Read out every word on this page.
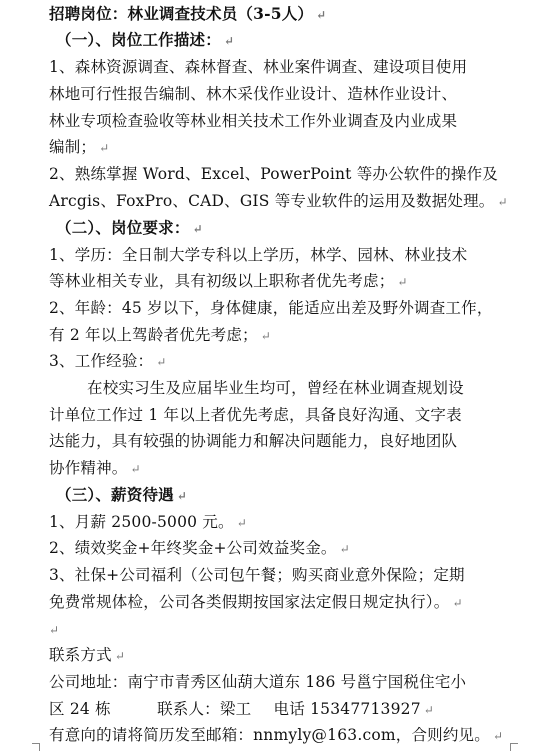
招聘岗位：林业调查技术员（3-5人） ↵
（一）、岗位工作描述： ↵
1、森林资源调查、森林督查、林业案件调查、建设项目使用
林地可行性报告编制、林木采伐作业设计、造林作业设计、
林业专项检查验收等林业相关技术工作外业调查及内业成果
编制； ↵
2、熟练掌握 Word、Excel、PowerPoint 等办公软件的操作及
Arcgis、FoxPro、CAD、GIS 等专业软件的运用及数据处理。 ↵
（二）、岗位要求： ↵
1、学历：全日制大学专科以上学历，林学、园林、林业技术
等林业相关专业，具有初级以上职称者优先考虑； ↵
2、年龄：45 岁以下，身体健康，能适应出差及野外调查工作，
有 2 年以上驾龄者优先考虑； ↵
3、工作经验： ↵
在校实习生及应届毕业生均可，曾经在林业调查规划设
计单位工作过 1 年以上者优先考虑，具备良好沟通、文字表
达能力，具有较强的协调能力和解决问题能力，良好地团队
协作精神。 ↵
（三）、薪资待遇 ↵
1、月薪 2500-5000 元。 ↵
2、绩效奖金+年终奖金+公司效益奖金。 ↵
3、社保+公司福利（公司包午餐；购买商业意外保险；定期
免费常规体检，公司各类假期按国家法定假日规定执行）。 ↵
↵
联系方式 ↵
公司地址：南宁市青秀区仙葫大道东 186 号邕宁国税住宅小
区 24 栋	联系人：梁工 电话 15347713927 ↵
有意向的请将简历发至邮箱：nnmyly@163.com，合则约见。 ↵
